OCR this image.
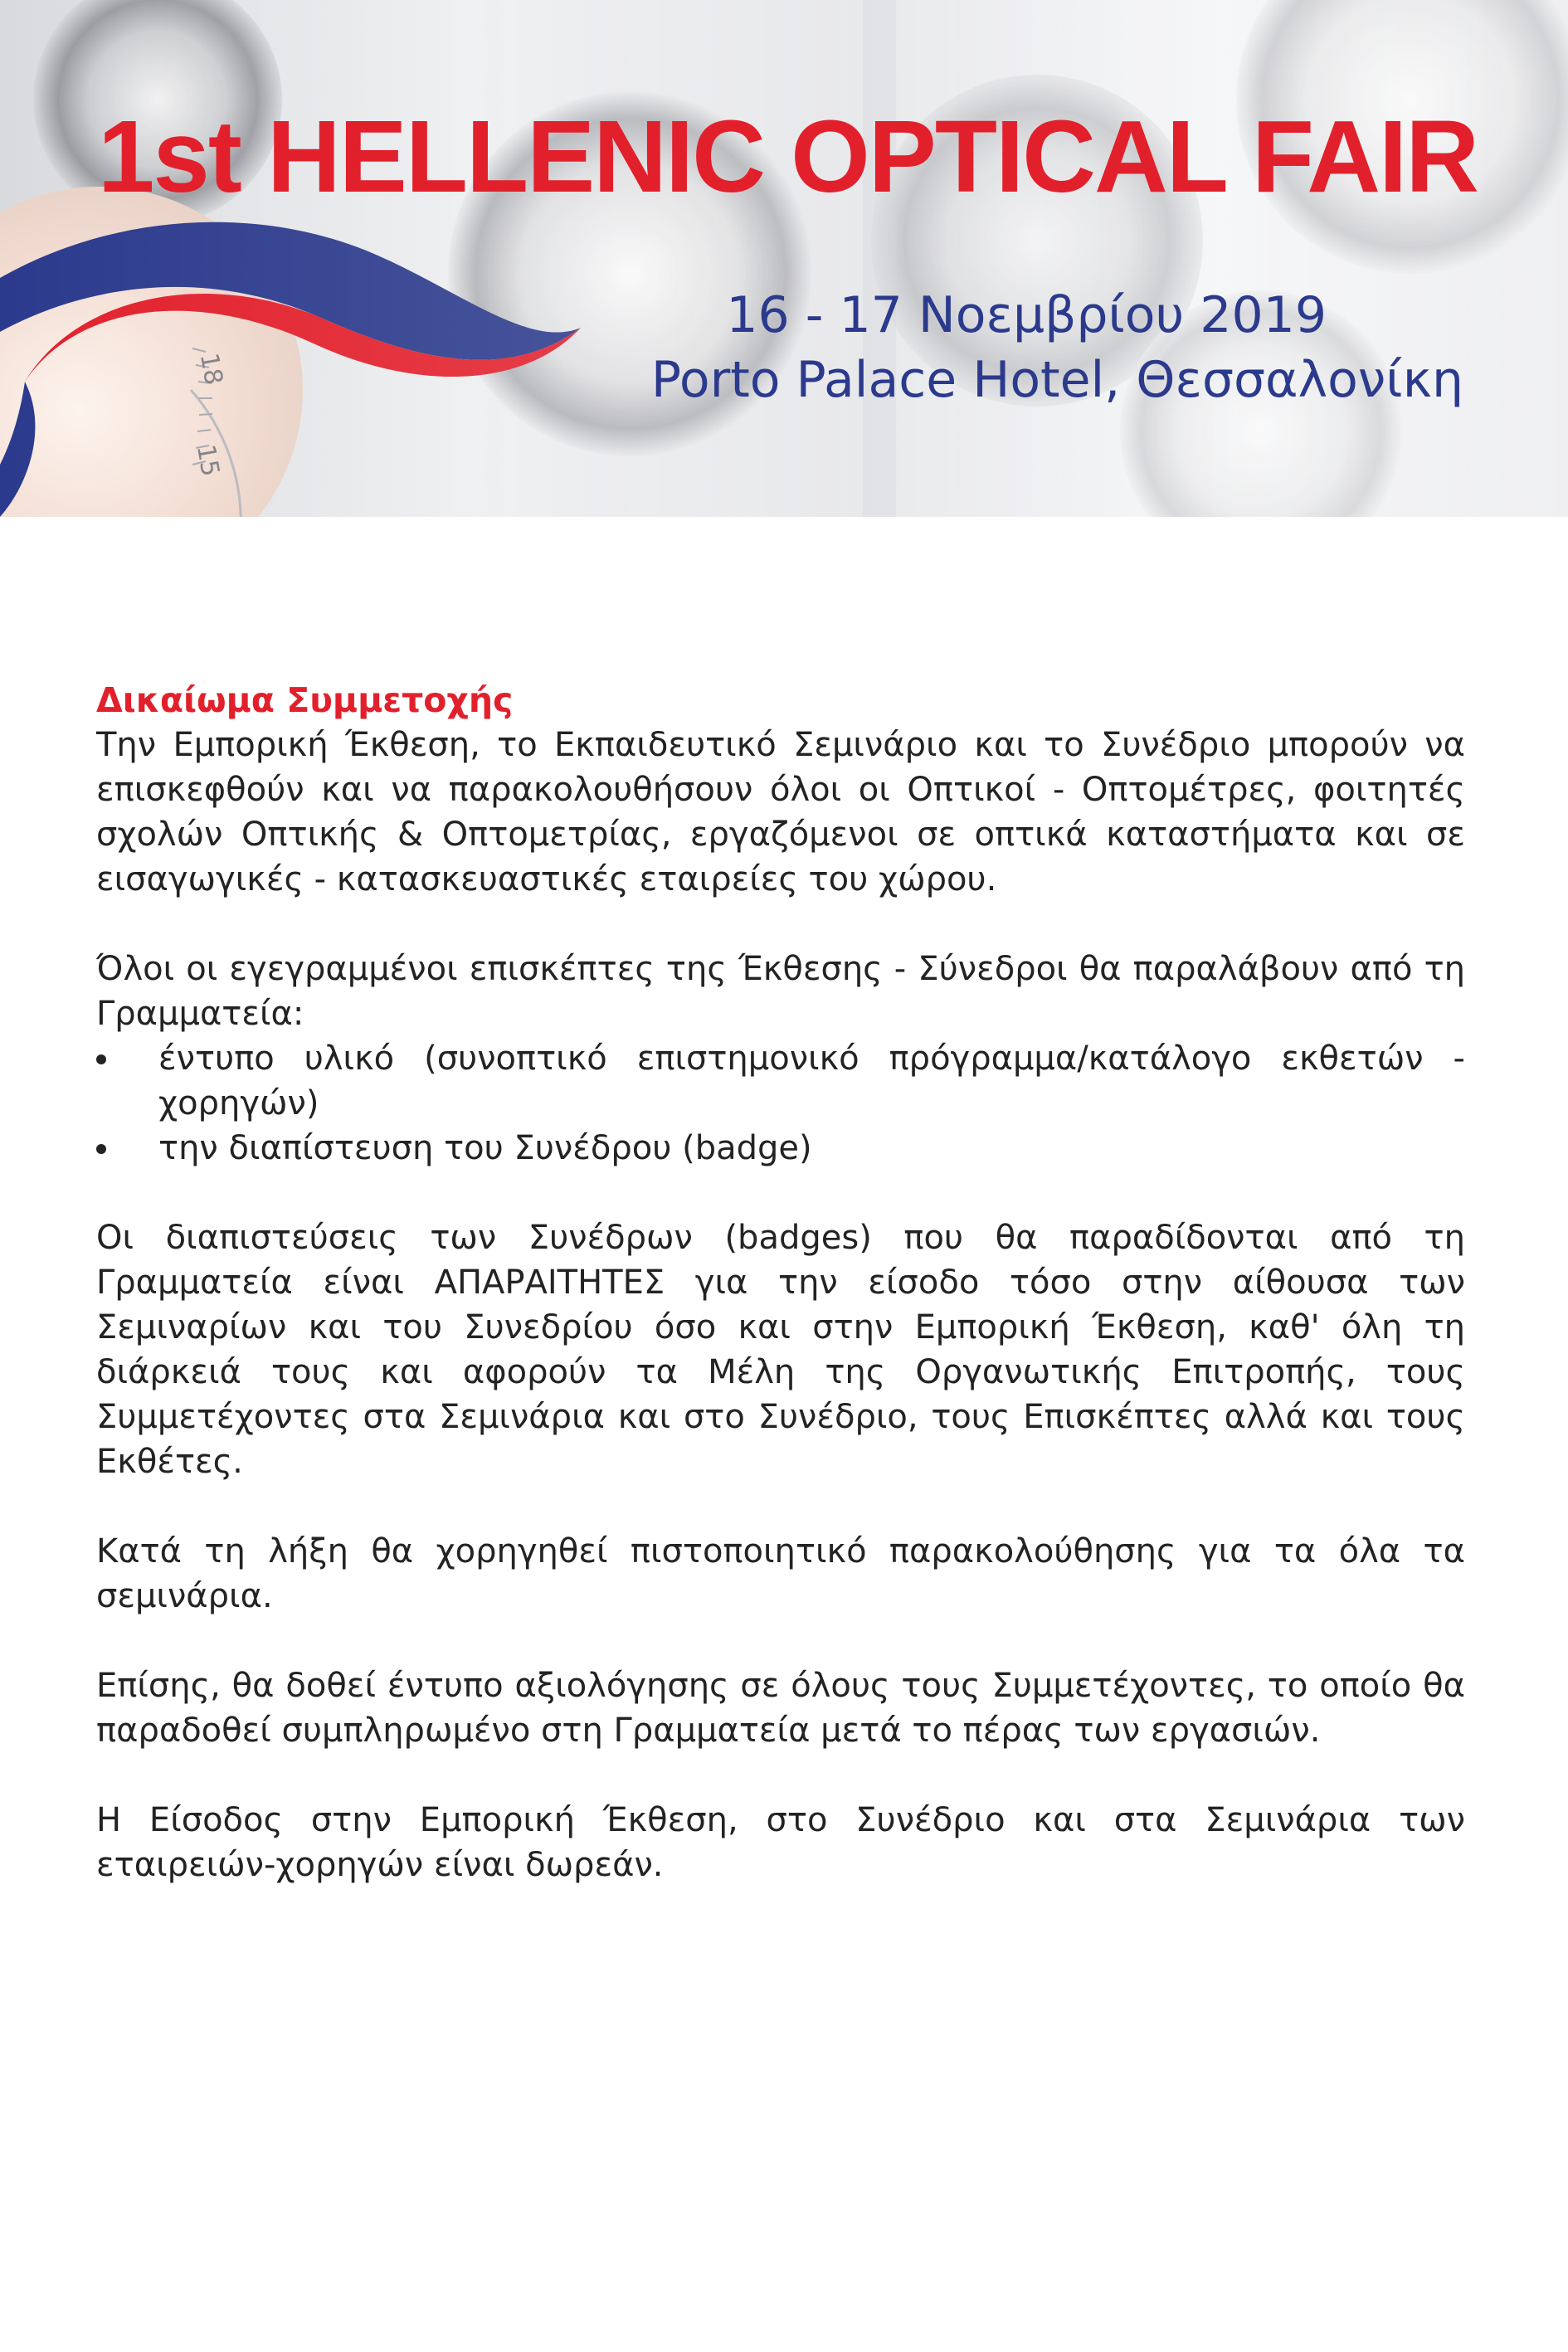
1st HELLENIC OPTICAL FAIR

16 - 17 Νοεμβρίου 2019

Porto Palace Hotel, Θεσσαλονίκη

Δικαίωμα Συμμετοχής

Την Εμπορική Έκθεση, το Εκπαιδευτικό Σεμινάριο και το Συνέδριο μπορούν να επισκεφθούν και να παρακολουθήσουν όλοι οι Οπτικοί - Οπτομέτρες, φοιτητές σχολών Οπτικής & Οπτομετρίας, εργαζόμενοι σε οπτικά καταστήματα και σε εισαγωγικές - κατασκευαστικές εταιρείες του χώρου.

Όλοι οι εγεγραμμένοι επισκέπτες της Έκθεσης - Σύνεδροι θα παραλάβουν από τη Γραμματεία:

έντυπο υλικό (συνοπτικό επιστημονικό πρόγραμμα/κατάλογο εκθετών - χορηγών)
την διαπίστευση του Συνέδρου (badge)

Οι διαπιστεύσεις των Συνέδρων (badges) που θα παραδίδονται από τη Γραμματεία είναι ΑΠΑΡΑΙΤΗΤΕΣ για την είσοδο τόσο στην αίθουσα των Σεμιναρίων και του Συνεδρίου όσο και στην Εμπορική Έκθεση, καθ' όλη τη διάρκειά τους και αφορούν τα Μέλη της Οργανωτικής Επιτροπής, τους Συμμετέχοντες στα Σεμινάρια και στο Συνέδριο, τους Επισκέπτες αλλά και τους Εκθέτες.

Κατά τη λήξη θα χορηγηθεί πιστοποιητικό παρακολούθησης για τα όλα τα σεμινάρια.

Επίσης, θα δοθεί έντυπο αξιολόγησης σε όλους τους Συμμετέχοντες, το οποίο θα παραδοθεί συμπληρωμένο στη Γραμματεία μετά το πέρας των εργασιών.

Η Είσοδος στην Εμπορική Έκθεση, στο Συνέδριο και στα Σεμινάρια των εταιρειών-χορηγών είναι δωρεάν.
